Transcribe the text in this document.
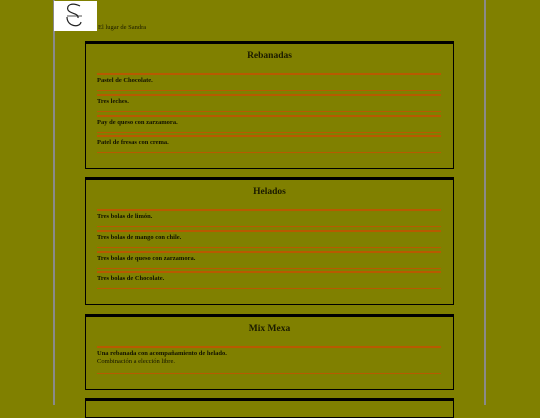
El lugar de Sandra
Rebanadas
Pastel de Chocolate.
Tres leches.
Pay de queso con zarzamora.
Patel de fresas con crema.
Helados
Tres bolas de limón.
Tres bolas de mango con chile.
Tres bolas de queso con zarzamora.
Tres bolas de Chocolate.
Mix Mexa
Una rebanada con acompañamiento de helado.
Combinación a elección libre.
